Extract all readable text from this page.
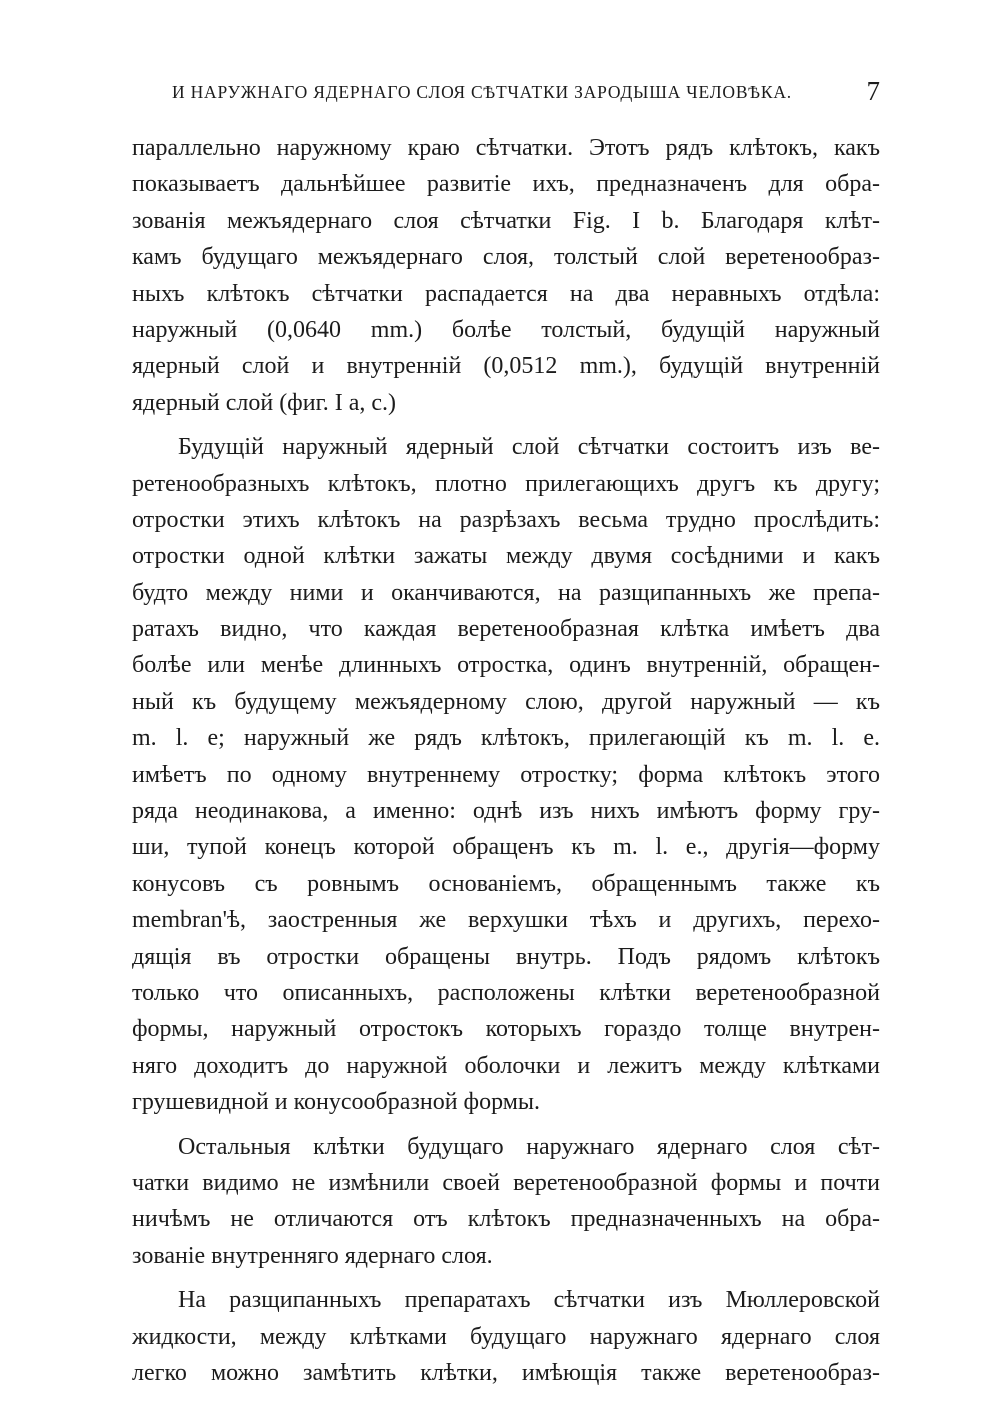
И НАРУЖНАГО ЯДЕРНАГО СЛОЯ СѢТЧАТКИ ЗАРОДЫША ЧЕЛОВѢКА.	7
параллельно наружному краю сѣтчатки. Этотъ рядъ клѣтокъ, какъ
показываетъ дальнѣйшее развитіе ихъ, предназначенъ для обра-
зованія межъядернаго слоя сѣтчатки Fig. I b. Благодаря клѣт-
камъ будущаго межъядернаго слоя, толстый слой веретенообраз-
ныхъ клѣтокъ сѣтчатки распадается на два неравныхъ отдѣла:
наружный (0,0640 mm.) болѣе толстый, будущій наружный
ядерный слой и внутренній (0,0512 mm.), будущій внутренній
ядерный слой (фиг. I a, c.)
Будущій наружный ядерный слой сѣтчатки состоитъ изъ ве-
ретенообразныхъ клѣтокъ, плотно прилегающихъ другъ къ другу;
отростки этихъ клѣтокъ на разрѣзахъ весьма трудно прослѣдить:
отростки одной клѣтки зажаты между двумя сосѣдними и какъ
будто между ними и оканчиваются, на разщипанныхъ же препа-
ратахъ видно, что каждая веретенообразная клѣтка имѣетъ два
болѣе или менѣе длинныхъ отростка, одинъ внутренній, обращен-
ный къ будущему межъядерному слою, другой наружный — къ
m. l. e; наружный же рядъ клѣтокъ, прилегающій къ m. l. e.
имѣетъ по одному внутреннему отростку; форма клѣтокъ этого
ряда неодинакова, а именно: однѣ изъ нихъ имѣютъ форму гру-
ши, тупой конецъ которой обращенъ къ m. l. e., другія—форму
конусовъ съ ровнымъ основаніемъ, обращеннымъ также къ
membran'ѣ, заостренныя же верхушки тѣхъ и другихъ, перехо-
дящія въ отростки обращены внутрь. Подъ рядомъ клѣтокъ
только что описанныхъ, расположены клѣтки веретенообразной
формы, наружный отростокъ которыхъ гораздо толще внутрен-
няго доходитъ до наружной оболочки и лежитъ между клѣтками
грушевидной и конусообразной формы.
Остальныя клѣтки будущаго наружнаго ядернаго слоя сѣт-
чатки видимо не измѣнили своей веретенообразной формы и почти
ничѣмъ не отличаются отъ клѣтокъ предназначенныхъ на обра-
зованіе внутренняго ядернаго слоя.
На разщипанныхъ препаратахъ сѣтчатки изъ Мюллеровской
жидкости, между клѣтками будущаго наружнаго ядернаго слоя
легко можно замѣтить клѣтки, имѣющія также веретенообраз-
